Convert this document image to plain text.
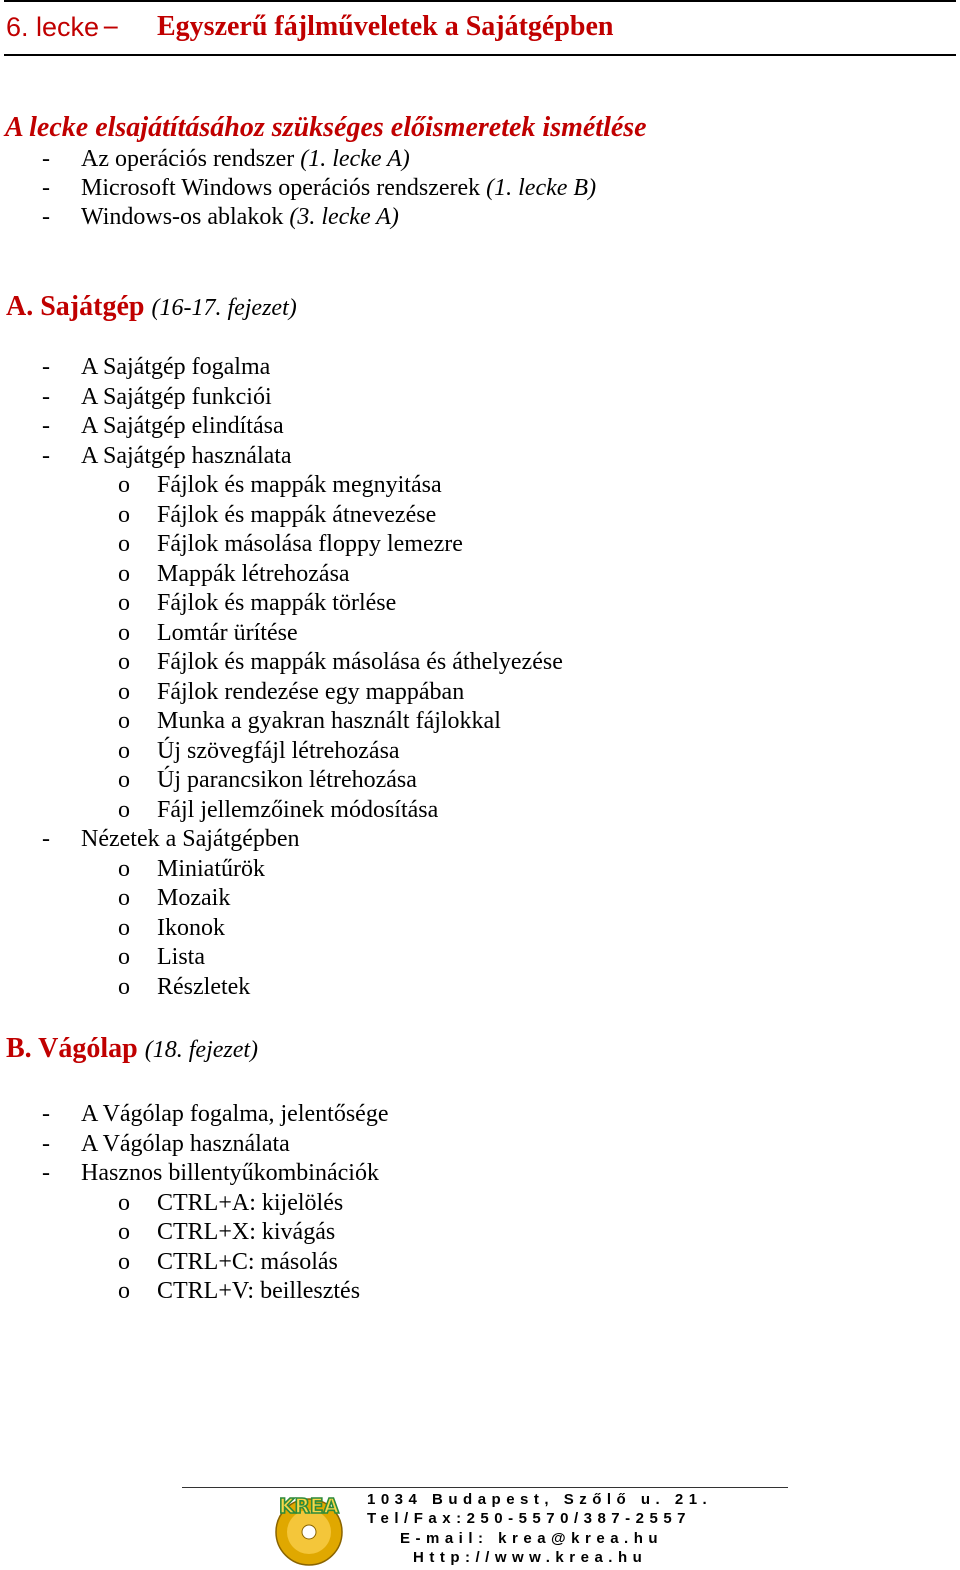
6. lecke – Egyszerű fájlműveletek a Sajátgépben
A lecke elsajátításához szükséges előismeretek ismétlése
- Az operációs rendszer (1. lecke A)
- Microsoft Windows operációs rendszerek (1. lecke B)
- Windows-os ablakok (3. lecke A)
A. Sajátgép (16-17. fejezet)
- A Sajátgép fogalma
- A Sajátgép funkciói
- A Sajátgép elindítása
- A Sajátgép használata
o Fájlok és mappák megnyitása
o Fájlok és mappák átnevezése
o Fájlok másolása floppy lemezre
o Mappák létrehozása
o Fájlok és mappák törlése
o Lomtár ürítése
o Fájlok és mappák másolása és áthelyezése
o Fájlok rendezése egy mappában
o Munka a gyakran használt fájlokkal
o Új szövegfájl létrehozása
o Új parancsikon létrehozása
o Fájl jellemzőinek módosítása
- Nézetek a Sajátgépben
o Miniatűrök
o Mozaik
o Ikonok
o Lista
o Részletek
B. Vágólap (18. fejezet)
- A Vágólap fogalma, jelentősége
- A Vágólap használata
- Hasznos billentyűkombinációk
o CTRL+A: kijelölés
o CTRL+X: kivágás
o CTRL+C: másolás
o CTRL+V: beillesztés
KREA 1034 Budapest, Szőlő u. 21.
Tel/Fax:250-5570/387-2557
E-mail: krea@krea.hu
Http://www.krea.hu
